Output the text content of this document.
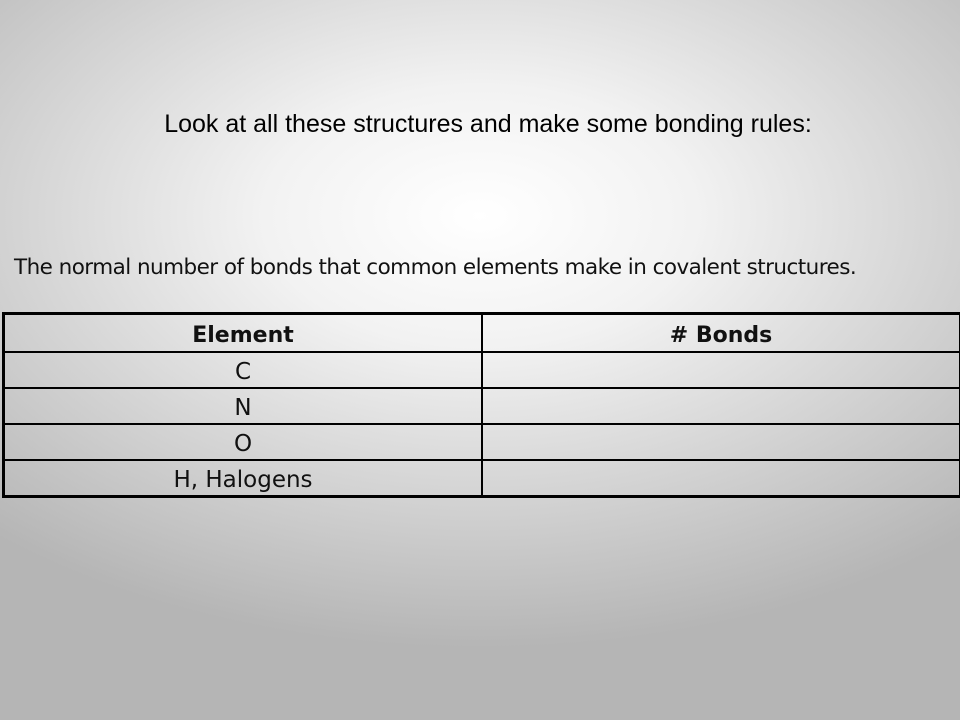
Look at all these structures and make some bonding rules:
The normal number of bonds that common elements make in covalent structures.
Element	# Bonds
C	
N	
O	
H, Halogens	
